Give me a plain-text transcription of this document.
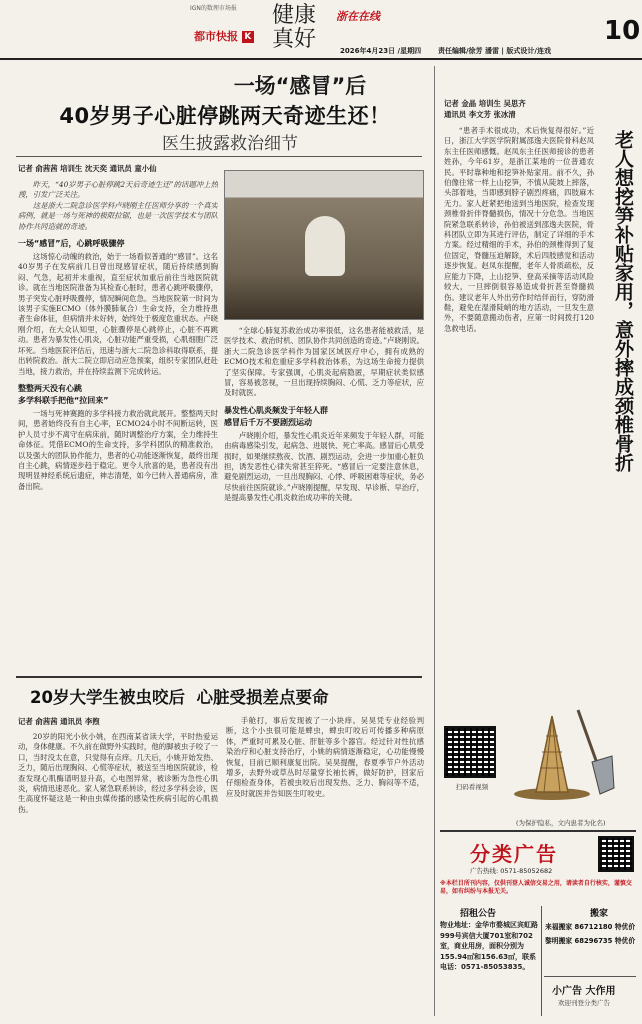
IGN的数理市场报
都市快报 K
健康
真好
浙在在线
2026年4月23日 /星期四 责任编辑/徐芳 潘雷 | 版式设计/连戏
10
一场“感冒”后
40岁男子心脏停跳两天奇迹生还！
医生披露救治细节
记者 俞茜茜 培训生 沈天奕 通讯员 童小仙

昨天，“40岁男子心脏停跳2天后奇迹生还”的话题冲上热搜，引发广泛关注。

这是浙大二院急诊医学科卢晓刚主任医师分享的一个真实病例，就是一场与死神的极限拉锯，也是一次医学技术与团队协作共同造就的奇迹。

一场“感冒”后，心跳呼吸骤停

这场惊心动魄的救治，始于一场看似普通的“感冒”。这名40岁男子在发病前几日曾出现感冒症状，随后持续感到胸闷、气急，起初并未重视，直至症状加重后前往当地医院就诊。就在当地医院准备为其检查心脏时，患者心跳呼吸骤停，男子突发心脏呼吸骤停，情况瞬间危急。当地医院第一时间为该男子实施ECMO（体外膜肺氧合）生命支持，全力维持患者生命体征，但病情并未好转，始终处于极度危重状态。卢晓刚介绍，在大众认知里，心脏骤停是心跳停止，心脏不再跳动。患者为暴发性心肌炎，心脏功能严重受损，心肌细胞广泛坏死。当地医院评估后，迅速与浙大二院急诊科取得联系，提出转院救治。浙大二院立即启动应急预案，组织专家团队赶赴当地，接力救治，并在持续监测下完成转运。

整整两天没有心跳
多学科联手把他“拉回来”

一场与死神赛跑的多学科接力救治就此展开。整整两天时间，患者始终没有自主心率，ECMO24小时不间断运转，医护人员寸步不离守在病床前，随时调整治疗方案，全力维持生命体征。凭借ECMO的生命支持，多学科团队的精准救治，以及强大的团队协作能力，患者的心功能逐渐恢复，最终出现自主心跳，病情逐步趋于稳定。更令人欣喜的是，患者没有出现明显神经系统后遗症，神志清楚，如今已转入普通病房，准备出院。

“全球心肺复苏救治成功率很低，这名患者能被救活，是医学技术、救治时机、团队协作共同创造的奇迹。”卢晓刚说。浙大二院急诊医学科作为国家区域医疗中心，拥有成熟的ECMO技术和危重症多学科救治体系，为这场生命接力提供了坚实保障。专家强调，心肌炎起病隐匿，早期症状类似感冒，容易被忽视，一旦出现持续胸闷、心慌、乏力等症状，应及时就医。

暴发性心肌炎频发于年轻人群
感冒后千万不要剧烈运动

卢晓刚介绍，暴发性心肌炎近年来频发于年轻人群，可能由病毒感染引发，起病急、进展快、死亡率高。感冒后心肌受损时，如果继续熬夜、饮酒、剧烈运动，会进一步加重心脏负担，诱发恶性心律失常甚至猝死。“感冒后一定要注意休息，避免剧烈运动，一旦出现胸闷、心悸、呼吸困难等症状，务必尽快前往医院就诊。”卢晓刚提醒，早发现、早诊断、早治疗，是提高暴发性心肌炎救治成功率的关键。

20岁大学生被虫咬后  心脏受损差点要命
记者 俞茜茜 通讯员 李煦

20岁的阳光小伙小姚，在西南某省读大学，平时热爱运动，身体健康。不久前在做野外实践时，他的脚被虫子咬了一口，当时没太在意，只觉得有点痒。几天后，小姚开始发热、乏力，随后出现胸闷、心慌等症状，被送至当地医院就诊，检查发现心肌酶谱明显升高，心电图异常，被诊断为急性心肌炎，病情迅速恶化。家人紧急联系转诊，经过多学科会诊，医生高度怀疑这是一种由虫媒传播的感染性疾病引起的心肌损伤。

手舱打，事后发现被了一小块痒。吴昊凭专业经验判断，这个小虫很可能是蜱虫，蜱虫叮咬后可传播多种病原体，严重时可累及心脏、肝脏等多个器官。经过针对性抗感染治疗和心脏支持治疗，小姚的病情逐渐稳定，心功能慢慢恢复，目前已顺利康复出院。吴昊提醒，春夏季节户外活动增多，去野外或草丛时尽量穿长袖长裤，做好防护，回家后仔细检查身体，若被虫咬后出现发热、乏力、胸闷等不适，应及时就医并告知医生叮咬史。

记者 金晶 培训生 吴思齐
通讯员 李文芳 张冰清
老人想挖笋补贴家用，意外摔成颈椎骨折

“患者手术很成功，术后恢复得很好。”近日，浙江大学医学院附属邵逸夫医院骨科赵凤东主任医师感慨。赵凤东主任医师接诊的患者姓孙，今年61岁，是浙江某地的一位普通农民。平时靠种地和挖笋补贴家用。前不久，孙伯像往常一样上山挖笋，不慎从陡坡上摔落，头部着地，当即感到脖子剧烈疼痛，四肢麻木无力。家人赶紧把他送到当地医院，检查发现颈椎骨折伴脊髓损伤，情况十分危急。当地医院紧急联系转诊，孙伯被送到邵逸夫医院，骨科团队立即为其进行评估，制定了详细的手术方案。经过精细的手术，孙伯的颈椎得到了复位固定，脊髓压迫解除，术后四肢感觉和活动逐步恢复。赵凤东提醒，老年人骨质疏松，反应能力下降，上山挖笋、登高采摘等活动风险较大，一旦摔倒很容易造成骨折甚至脊髓损伤。建议老年人外出劳作时结伴而行，穿防滑鞋，避免在湿滑陡峭的地方活动，一旦发生意外，不要随意搬动伤者，应第一时间拨打120急救电话。

扫码看视频
(为保护隐私，文内患者为化名)
分类广告
广告热线: 0571-85052682
※本栏目所刊内容，仅供刊登人诚信交易之用，请读者自行核实，谨慎交易，如有纠纷与本报无关。
招租公告	搬家
物业地址：金华市婺城区宾虹路999号宾信大厦701室和702室，商业用房，面积分别为155.94㎡和156.63㎡，联系电话：0571-85053835。
来福搬家 86712180 特优价
黎明搬家 68296735 特优价
小广告 大作用
欢迎刊登分类广告
